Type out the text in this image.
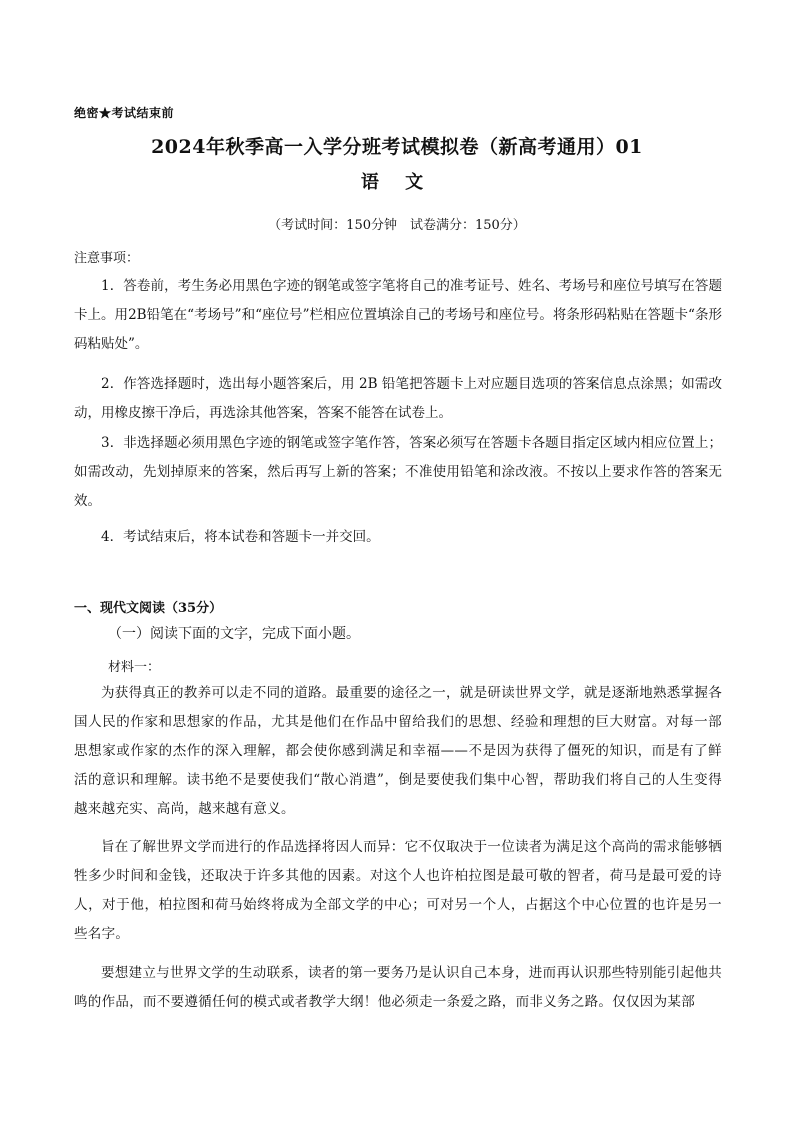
绝密★考试结束前
2024年秋季高一入学分班考试模拟卷（新高考通用）01
语 文
（考试时间：150分钟　试卷满分：150分）
注意事项：
1．答卷前，考生务必用黑色字迹的钢笔或签字笔将自己的准考证号、姓名、考场号和座位号填写在答题卡上。用2B铅笔在“考场号”和“座位号”栏相应位置填涂自己的考场号和座位号。将条形码粘贴在答题卡“条形码粘贴处”。
2．作答选择题时，选出每小题答案后，用 2B 铅笔把答题卡上对应题目选项的答案信息点涂黑；如需改动，用橡皮擦干净后，再选涂其他答案，答案不能答在试卷上。
3．非选择题必须用黑色字迹的钢笔或签字笔作答，答案必须写在答题卡各题目指定区域内相应位置上；如需改动，先划掉原来的答案，然后再写上新的答案；不准使用铅笔和涂改液。不按以上要求作答的答案无效。
4．考试结束后，将本试卷和答题卡一并交回。
一、现代文阅读（35分）
（一）阅读下面的文字，完成下面小题。
材料一：
为获得真正的教养可以走不同的道路。最重要的途径之一，就是研读世界文学，就是逐渐地熟悉掌握各国人民的作家和思想家的作品，尤其是他们在作品中留给我们的思想、经验和理想的巨大财富。对每一部思想家或作家的杰作的深入理解，都会使你感到满足和幸福——不是因为获得了僵死的知识，而是有了鲜活的意识和理解。读书绝不是要使我们“散心消遣”，倒是要使我们集中心智，帮助我们将自己的人生变得越来越充实、高尚，越来越有意义。
旨在了解世界文学而进行的作品选择将因人而异：它不仅取决于一位读者为满足这个高尚的需求能够牺牲多少时间和金钱，还取决于许多其他的因素。对这个人也许柏拉图是最可敬的智者，荷马是最可爱的诗人，对于他，柏拉图和荷马始终将成为全部文学的中心；可对另一个人，占据这个中心位置的也许是另一些名字。
要想建立与世界文学的生动联系，读者的第一要务乃是认识自己本身，进而再认识那些特别能引起他共鸣的作品，而不要遵循任何的模式或者教学大纲！他必须走一条爱之路，而非义务之路。仅仅因为某部
